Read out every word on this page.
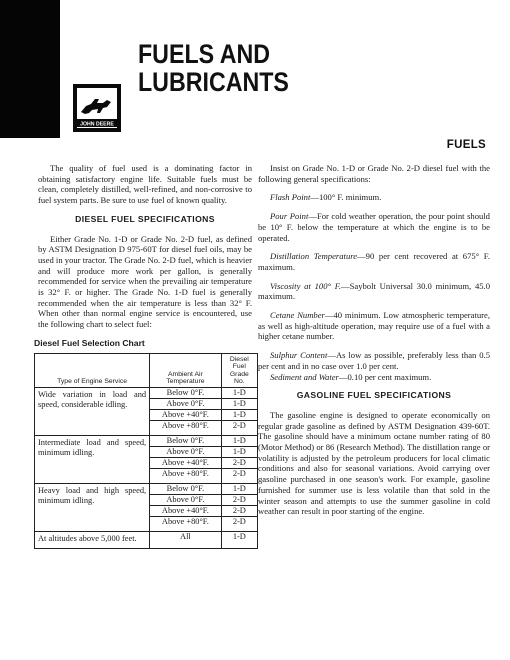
JOHN DEERE
FUELS AND
LUBRICANTS
FUELS

The quality of fuel used is a dominating factor in obtaining satisfactory engine life. Suitable fuels must be clean, completely distilled, well-refined, and non-corrosive to fuel system parts. Be sure to use fuel of known quality.

DIESEL FUEL SPECIFICATIONS

Either Grade No. 1-D or Grade No. 2-D fuel, as defined by ASTM Designation D 975-60T for diesel fuel oils, may be used in your tractor. The Grade No. 2-D fuel, which is heavier and will produce more work per gallon, is generally recommended for service when the prevailing air temperature is 32° F. or higher. The Grade No. 1-D fuel is generally recommended when the air temperature is less than 32° F. When other than normal engine service is encountered, use the following chart to select fuel:

Diesel Fuel Selection Chart
Type of Engine Service	Ambient Air Temperature	Diesel Fuel Grade No.
Wide variation in load and speed, considerable idling.	Below 0°F.	1-D
	Above 0°F.	1-D
	Above +40°F.	1-D
	Above +80°F.	2-D
Intermediate load and speed, minimum idling.	Below 0°F.	1-D
	Above 0°F.	1-D
	Above +40°F.	2-D
	Above +80°F.	2-D
Heavy load and high speed, minimum idling.	Below 0°F.	1-D
	Above 0°F.	2-D
	Above +40°F.	2-D
	Above +80°F.	2-D
At altitudes above 5,000 feet.	All	1-D

Insist on Grade No. 1-D or Grade No. 2-D diesel fuel with the following general specifications:

Flash Point—100° F. minimum.

Pour Point—For cold weather operation, the pour point should be 10° F. below the temperature at which the engine is to be operated.

Distillation Temperature—90 per cent recovered at 675° F. maximum.

Viscosity at 100° F.—Saybolt Universal 30.0 minimum, 45.0 maximum.

Cetane Number—40 minimum. Low atmospheric temperature, as well as high-altitude operation, may require use of a fuel with a higher cetane number.

Sulphur Content—As low as possible, preferably less than 0.5 per cent and in no case over 1.0 per cent.

Sediment and Water—0.10 per cent maximum.

GASOLINE FUEL SPECIFICATIONS

The gasoline engine is designed to operate economically on regular grade gasoline as defined by ASTM Designation 439-60T. The gasoline should have a minimum octane number rating of 80 (Motor Method) or 86 (Research Method). The distillation range or volatility is adjusted by the petroleum producers for local climatic conditions and also for seasonal variations. Avoid carrying over gasoline purchased in one season's work. For example, gasoline furnished for summer use is less volatile than that sold in the winter season and attempts to use the summer gasoline in cold weather can result in poor starting of the engine.
